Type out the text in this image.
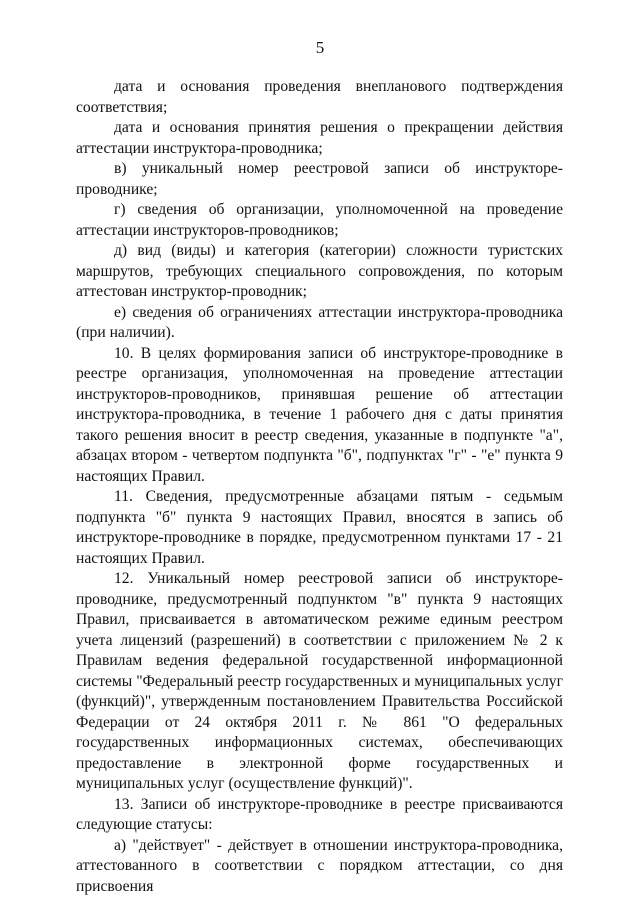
5

дата и основания проведения внепланового подтверждения соответствия;

дата и основания принятия решения о прекращении действия аттестации инструктора-проводника;

в) уникальный номер реестровой записи об инструкторе-проводнике;

г) сведения об организации, уполномоченной на проведение аттестации инструкторов-проводников;

д) вид (виды) и категория (категории) сложности туристских маршрутов, требующих специального сопровождения, по которым аттестован инструктор-проводник;

е) сведения об ограничениях аттестации инструктора-проводника (при наличии).

10. В целях формирования записи об инструкторе-проводнике в реестре организация, уполномоченная на проведение аттестации инструкторов-проводников, принявшая решение об аттестации инструктора-проводника, в течение 1 рабочего дня с даты принятия такого решения вносит в реестр сведения, указанные в подпункте "а", абзацах втором - четвертом подпункта "б", подпунктах "г" - "е" пункта 9 настоящих Правил.

11. Сведения, предусмотренные абзацами пятым - седьмым подпункта "б" пункта 9 настоящих Правил, вносятся в запись об инструкторе-проводнике в порядке, предусмотренном пунктами 17 - 21 настоящих Правил.

12. Уникальный номер реестровой записи об инструкторе-проводнике, предусмотренный подпунктом "в" пункта 9 настоящих Правил, присваивается в автоматическом режиме единым реестром учета лицензий (разрешений) в соответствии с приложением № 2 к Правилам ведения федеральной государственной информационной системы "Федеральный реестр государственных и муниципальных услуг (функций)", утвержденным постановлением Правительства Российской Федерации от 24 октября 2011 г. № 861 "О федеральных государственных информационных системах, обеспечивающих предоставление в электронной форме государственных и муниципальных услуг (осуществление функций)".

13. Записи об инструкторе-проводнике в реестре присваиваются следующие статусы:

а) "действует" - действует в отношении инструктора-проводника, аттестованного в соответствии с порядком аттестации, со дня присвоения
